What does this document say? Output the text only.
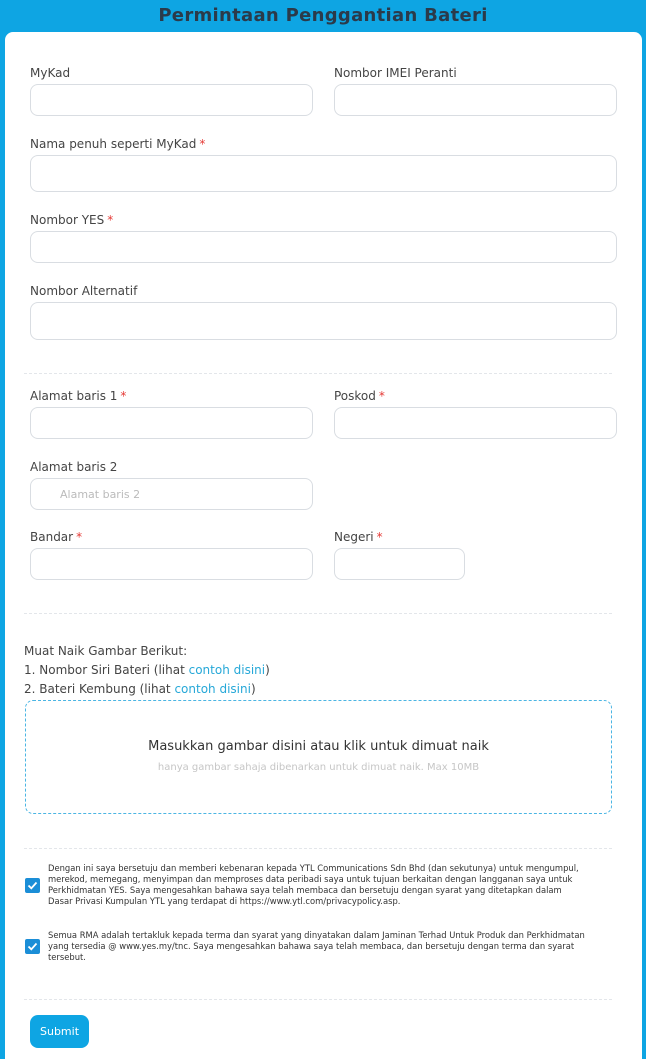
Permintaan Penggantian Bateri
MyKad	Nombor IMEI Peranti
Nama penuh seperti MyKad *
Nombor YES *
Nombor Alternatif
Alamat baris 1 *	Poskod *
Alamat baris 2
Alamat baris 2
Bandar *	Negeri *
Muat Naik Gambar Berikut:
1. Nombor Siri Bateri (lihat contoh disini)
2. Bateri Kembung (lihat contoh disini)
Masukkan gambar disini atau klik untuk dimuat naik
hanya gambar sahaja dibenarkan untuk dimuat naik. Max 10MB
Dengan ini saya bersetuju dan memberi kebenaran kepada YTL Communications Sdn Bhd (dan sekutunya) untuk mengumpul, merekod, memegang, menyimpan dan memproses data peribadi saya untuk tujuan berkaitan dengan langganan saya untuk Perkhidmatan YES. Saya mengesahkan bahawa saya telah membaca dan bersetuju dengan syarat yang ditetapkan dalam Dasar Privasi Kumpulan YTL yang terdapat di https://www.ytl.com/privacypolicy.asp.
Semua RMA adalah tertakluk kepada terma dan syarat yang dinyatakan dalam Jaminan Terhad Untuk Produk dan Perkhidmatan yang tersedia @ www.yes.my/tnc. Saya mengesahkan bahawa saya telah membaca, dan bersetuju dengan terma dan syarat tersebut.
Submit
